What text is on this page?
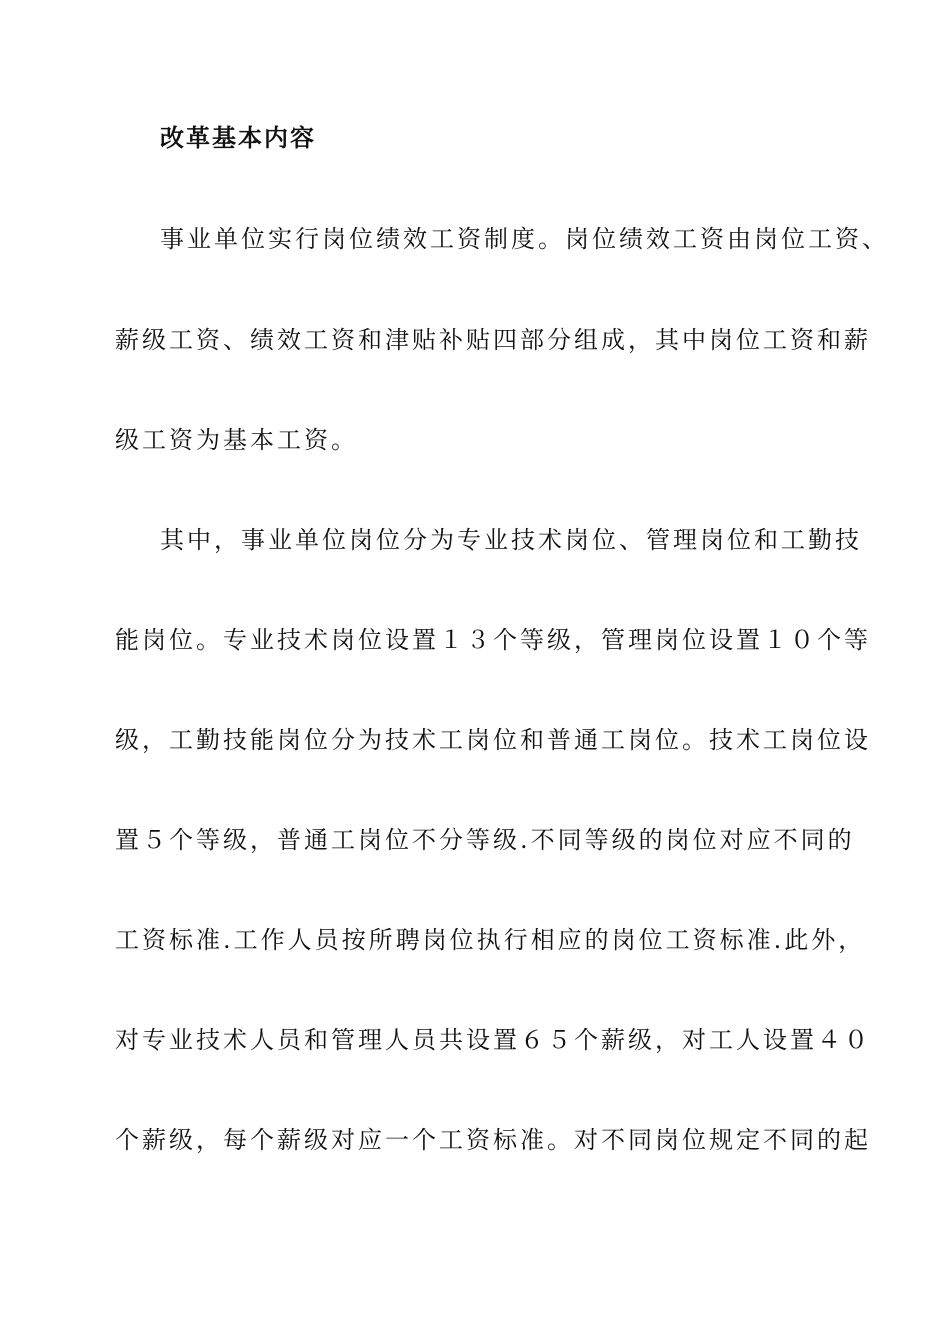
改革基本内容
事业单位实行岗位绩效工资制度。岗位绩效工资由岗位工资、
薪级工资、绩效工资和津贴补贴四部分组成，其中岗位工资和薪
级工资为基本工资。
其中，事业单位岗位分为专业技术岗位、管理岗位和工勤技
能岗位。专业技术岗位设置１３个等级，管理岗位设置１０个等
级，工勤技能岗位分为技术工岗位和普通工岗位。技术工岗位设
置５个等级，普通工岗位不分等级.不同等级的岗位对应不同的
工资标准.工作人员按所聘岗位执行相应的岗位工资标准.此外，
对专业技术人员和管理人员共设置６５个薪级，对工人设置４０
个薪级，每个薪级对应一个工资标准。对不同岗位规定不同的起
